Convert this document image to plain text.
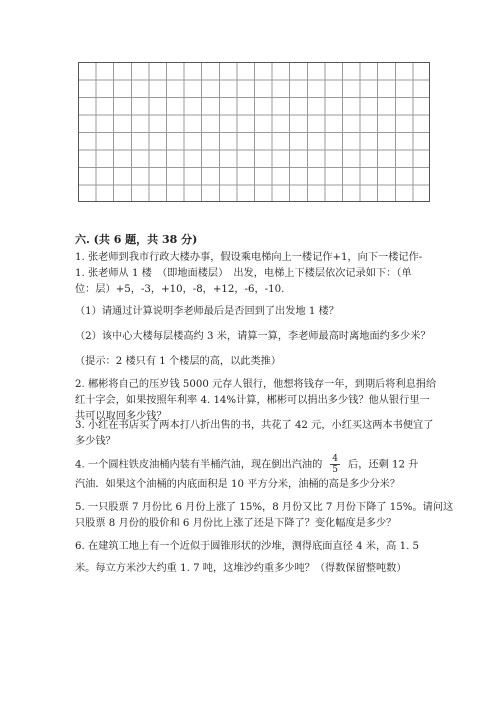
六. (共 6 题，共 38 分)
1. 张老师到我市行政大楼办事，假设乘电梯向上一楼记作+1，向下一楼记作-
1. 张老师从 1 楼　（即地面楼层）　出发，电梯上下楼层依次记录如下：（单
位：层）+5，-3，+10，-8，+12，-6，-10.
（1）请通过计算说明李老师最后是否回到了出发地 1 楼？
（2）该中心大楼每层楼高约 3 米，请算一算，李老师最高时离地面约多少米？
（提示：2 楼只有 1 个楼层的高，以此类推）
2. 郴彬将自己的压岁钱 5000 元存人银行，他想将钱存一年，到期后将利息捐给
红十字会，如果按照年利率 4. 14%计算，郴彬可以捐出多少钱？他从银行里一
共可以取回多少钱？
3. 小红在书店买了两本打八折出售的书，共花了 42 元，小红买这两本书便宜了
多少钱？
4. 一个圆柱铁皮油桶内装有半桶汽油，现在倒出汽油的 $\frac{4}{5}$ 后，还剩 12 升
汽油．如果这个油桶的内底面积是 10 平方分米，油桶的高是多少分米？
5. 一只股票 7 月份比 6 月份上涨了 15%，8 月份又比 7 月份下降了 15%。请问这
只股票 8 月份的股价和 6 月份比上涨了还是下降了？变化幅度是多少？
6. 在建筑工地上有一个近似于圆锥形状的沙堆，测得底面直径 4 米，高 1. 5
米。每立方米沙大约重 1. 7 吨，这堆沙约重多少吨？（得数保留整吨数）
